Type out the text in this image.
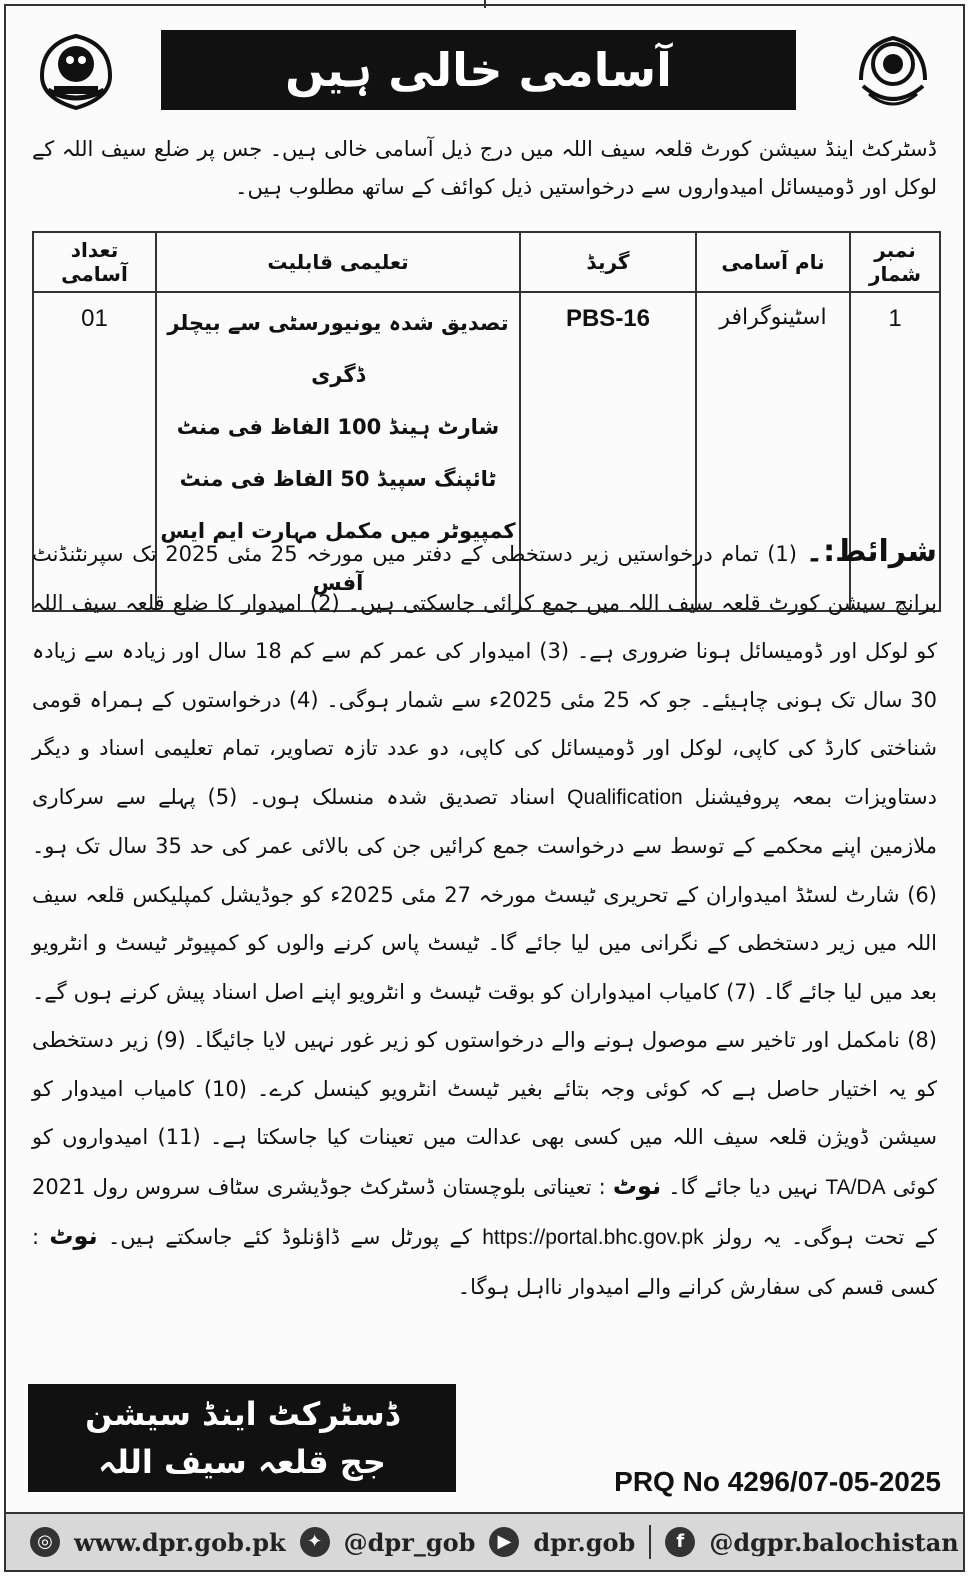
آسامی خالی ہیں
ڈسٹرکٹ اینڈ سیشن کورٹ قلعہ سیف اللہ میں درج ذیل آسامی خالی ہیں۔ جس پر ضلع سیف اللہ کے لوکل اور ڈومیسائل امیدواروں سے درخواستیں ذیل کوائف کے ساتھ مطلوب ہیں۔
نمبر شمار	نام آسامی	گریڈ	تعلیمی قابلیت	تعداد آسامی
1	اسٹینوگرافر	PBS-16	تصدیق شدہ یونیورسٹی سے بیچلر ڈگری
شارٹ ہینڈ 100 الفاظ فی منٹ
ٹائپنگ سپیڈ 50 الفاظ فی منٹ
کمپیوٹر میں مکمل مہارت ایم ایس آفس	01
شرائط:۔ (1) تمام درخواستیں زیر دستخطی کے دفتر میں مورخہ 25 مئی 2025 تک سپرنٹنڈنٹ برانچ سیشن کورٹ قلعہ سیف اللہ میں جمع کرائی جاسکتی ہیں۔ (2) امیدوار کا ضلع قلعہ سیف اللہ کو لوکل اور ڈومیسائل ہونا ضروری ہے۔ (3) امیدوار کی عمر کم سے کم 18 سال اور زیادہ سے زیادہ 30 سال تک ہونی چاہیئے۔ جو کہ 25 مئی 2025ء سے شمار ہوگی۔ (4) درخواستوں کے ہمراہ قومی شناختی کارڈ کی کاپی، لوکل اور ڈومیسائل کی کاپی، دو عدد تازہ تصاویر، تمام تعلیمی اسناد و دیگر دستاویزات بمعہ پروفیشنل Qualification اسناد تصدیق شدہ منسلک ہوں۔ (5) پہلے سے سرکاری ملازمین اپنے محکمے کے توسط سے درخواست جمع کرائیں جن کی بالائی عمر کی حد 35 سال تک ہو۔ (6) شارٹ لسٹڈ امیدواران کے تحریری ٹیسٹ مورخہ 27 مئی 2025ء کو جوڈیشل کمپلیکس قلعہ سیف اللہ میں زیر دستخطی کے نگرانی میں لیا جائے گا۔ ٹیسٹ پاس کرنے والوں کو کمپیوٹر ٹیسٹ و انٹرویو بعد میں لیا جائے گا۔ (7) کامیاب امیدواران کو بوقت ٹیسٹ و انٹرویو اپنے اصل اسناد پیش کرنے ہوں گے۔ (8) نامکمل اور تاخیر سے موصول ہونے والے درخواستوں کو زیر غور نہیں لایا جائیگا۔ (9) زیر دستخطی کو یہ اختیار حاصل ہے کہ کوئی وجہ بتائے بغیر ٹیسٹ انٹرویو کینسل کرے۔ (10) کامیاب امیدوار کو سیشن ڈویژن قلعہ سیف اللہ میں کسی بھی عدالت میں تعینات کیا جاسکتا ہے۔ (11) امیدواروں کو کوئی TA/DA نہیں دیا جائے گا۔ نوٹ : تعیناتی بلوچستان ڈسٹرکٹ جوڈیشری سٹاف سروس رول 2021 کے تحت ہوگی۔ یہ رولز https://portal.bhc.gov.pk کے پورٹل سے ڈاؤنلوڈ کئے جاسکتے ہیں۔ نوٹ : کسی قسم کی سفارش کرانے والے امیدوار نااہل ہوگا۔
ڈسٹرکٹ اینڈ سیشن
جج قلعہ سیف اللہ
PRQ No 4296/07-05-2025
◎ www.dpr.gob.pk	✦ @dpr_gob	▶ dpr.gob	f	@dgpr.balochistan
